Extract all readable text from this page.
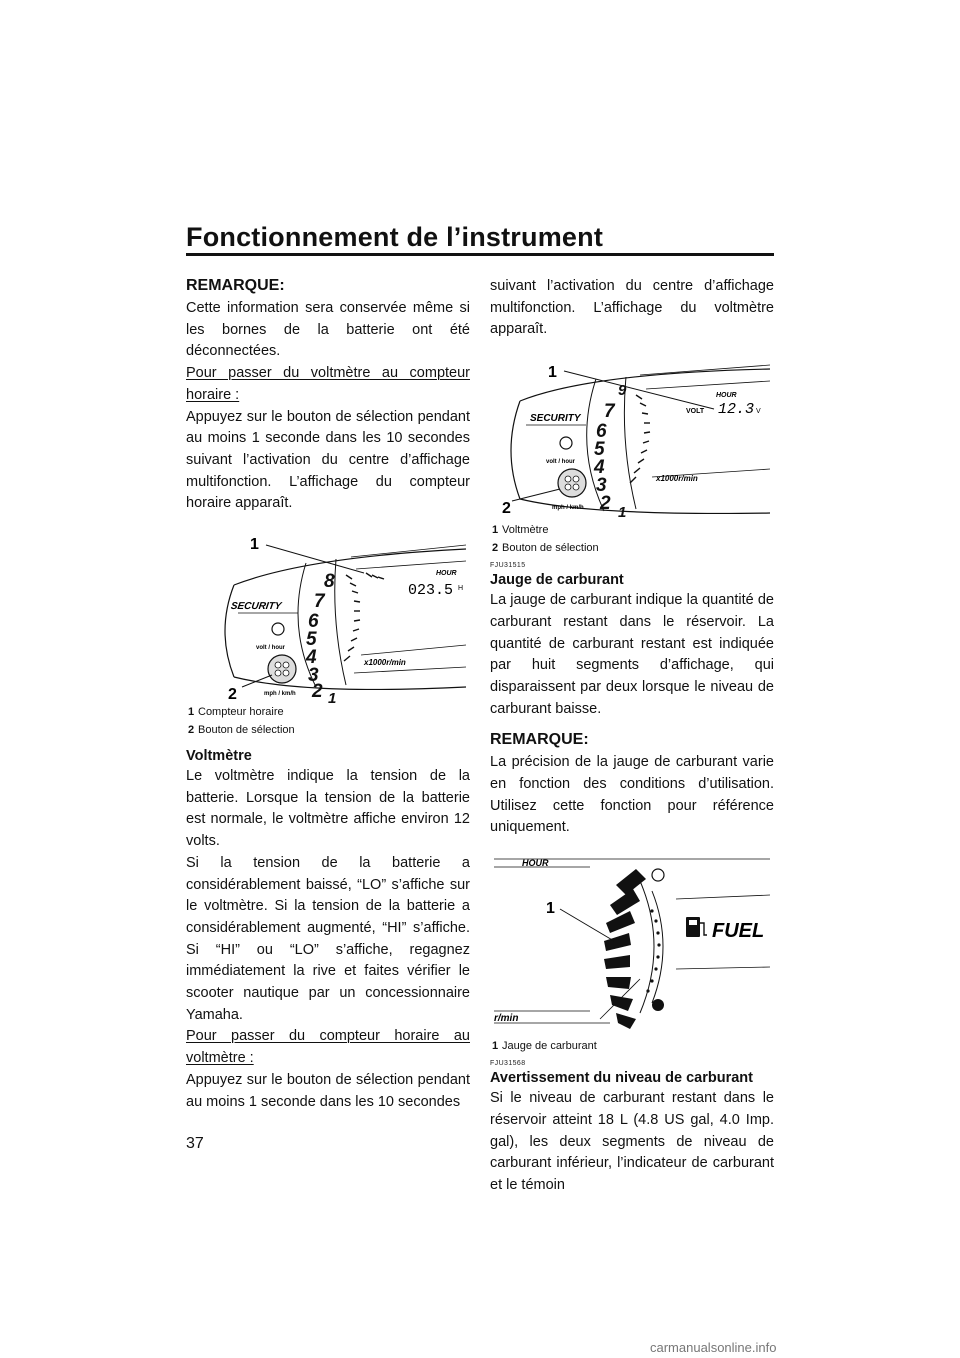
Fonctionnement de l’instrument
REMARQUE:

Cette information sera conservée même si les bornes de la batterie ont été déconnectées.

Pour passer du voltmètre au compteur horaire :

Appuyez sur le bouton de sélection pendant au moins 1 seconde dans les 10 secondes suivant l’activation du centre d’affichage multifonction. L’affichage du compteur horaire apparaît.

8
7
6
5
4
3
2 1
HOUR
023.5 H
x1000r/min
SECURITY
volt / hour
mph / km/h
1
2
1 Compteur horaire
2 Bouton de sélection
Voltmètre

Le voltmètre indique la tension de la batterie. Lorsque la tension de la batterie est normale, le voltmètre affiche environ 12 volts.

Si la tension de la batterie a considérablement baissé, “LO” s’affiche sur le voltmètre. Si la tension de la batterie a considérablement augmenté, “HI” s’affiche. Si “HI” ou “LO” s’affiche, regagnez immédiatement la rive et faites vérifier le scooter nautique par un concessionnaire Yamaha.

Pour passer du compteur horaire au voltmètre :

Appuyez sur le bouton de sélection pendant au moins 1 seconde dans les 10 secondes

suivant l’activation du centre d’affichage multifonction. L’affichage du voltmètre apparaît.

9
7
6
5
4
3
2 1
HOUR
VOLT 12.3 V
x1000r/min
SECURITY
volt / hour
mph / km/h
1
2
1 Voltmètre
2 Bouton de sélection
FJU31515
Jauge de carburant

La jauge de carburant indique la quantité de carburant restant dans le réservoir. La quantité de carburant restant est indiquée par huit segments d’affichage, qui disparaissent par deux lorsque le niveau de carburant baisse.

REMARQUE:

La précision de la jauge de carburant varie en fonction des conditions d’utilisation. Utilisez cette fonction pour référence uniquement.

HOUR
r/min
FUEL
1
1 Jauge de carburant
FJU31568
Avertissement du niveau de carburant

Si le niveau de carburant restant dans le réservoir atteint 18 L (4.8 US gal, 4.0 Imp. gal), les deux segments de niveau de carburant inférieur, l’indicateur de carburant et le témoin

37
carmanualsonline.info
